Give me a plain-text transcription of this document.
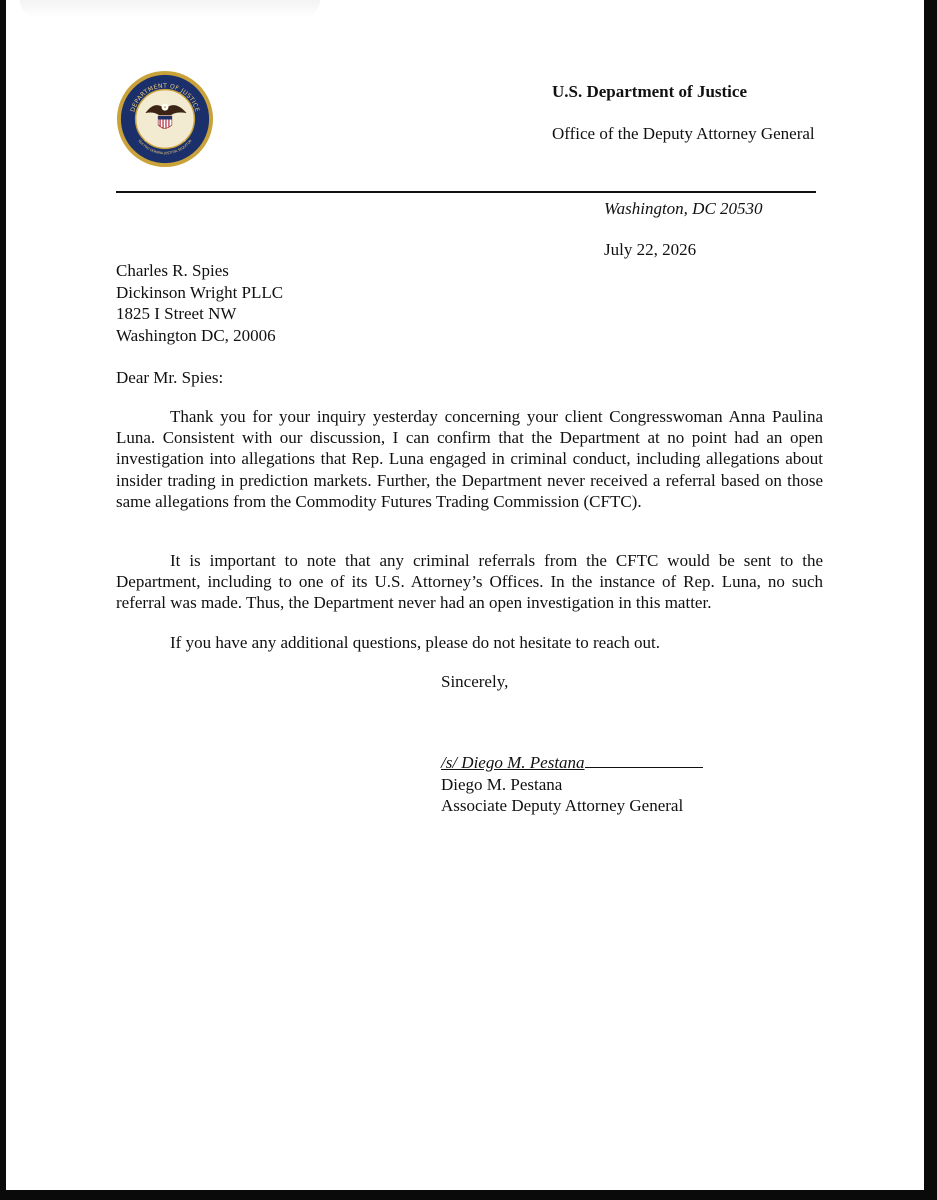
DEPARTMENT OF JUSTICE
QUI PRO DOMINA JUSTITIA SEQUITUR
U.S. Department of Justice
Office of the Deputy Attorney General
Washington, DC 20530
July 22, 2026
Charles R. Spies
Dickinson Wright PLLC
1825 I Street NW
Washington DC, 20006
Dear Mr. Spies:

Thank you for your inquiry yesterday concerning your client Congresswoman Anna Paulina Luna. Consistent with our discussion, I can confirm that the Department at no point had an open investigation into allegations that Rep. Luna engaged in criminal conduct, including allegations about insider trading in prediction markets. Further, the Department never received a referral based on those same allegations from the Commodity Futures Trading Commission (CFTC).

It is important to note that any criminal referrals from the CFTC would be sent to the Department, including to one of its U.S. Attorney’s Offices. In the instance of Rep. Luna, no such referral was made. Thus, the Department never had an open investigation in this matter.

If you have any additional questions, please do not hesitate to reach out.

Sincerely,
/s/ Diego M. Pestana
Diego M. Pestana
Associate Deputy Attorney General
